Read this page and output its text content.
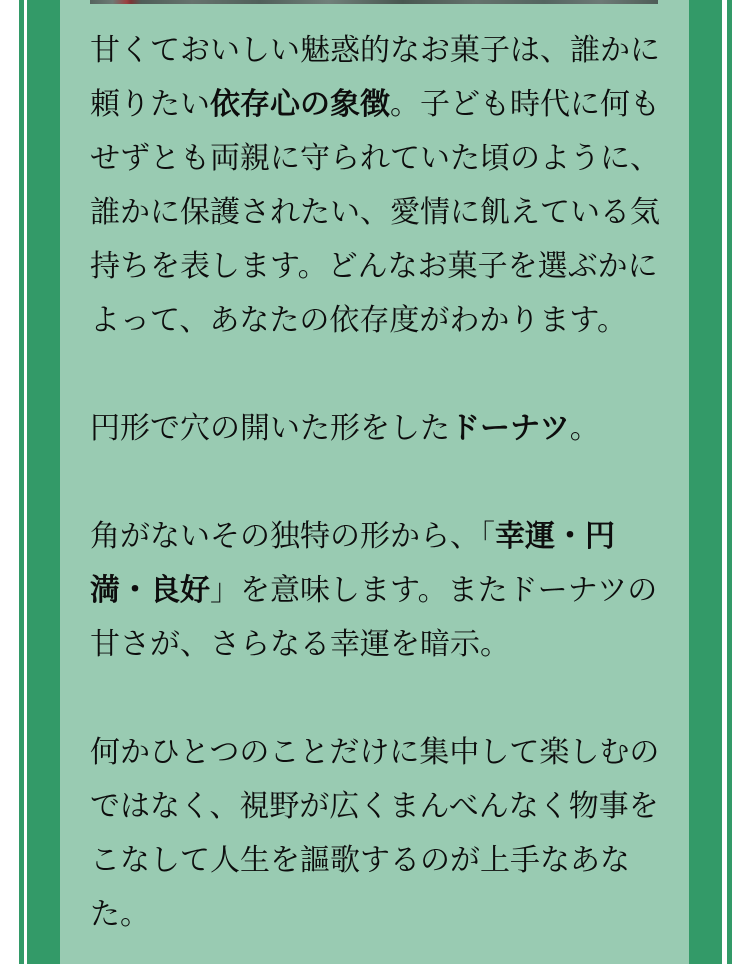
甘くておいしい魅惑的なお菓子は、誰かに頼りたい依存心の象徴。子ども時代に何もせずとも両親に守られていた頃のように、誰かに保護されたい、愛情に飢えている気持ちを表します。どんなお菓子を選ぶかによって、あなたの依存度がわかります。

円形で穴の開いた形をしたドーナツ。

角がないその独特の形から、「幸運・円満・良好」を意味します。またドーナツの甘さが、さらなる幸運を暗示。

何かひとつのことだけに集中して楽しむのではなく、視野が広くまんべんなく物事をこなして人生を謳歌するのが上手なあなた。
